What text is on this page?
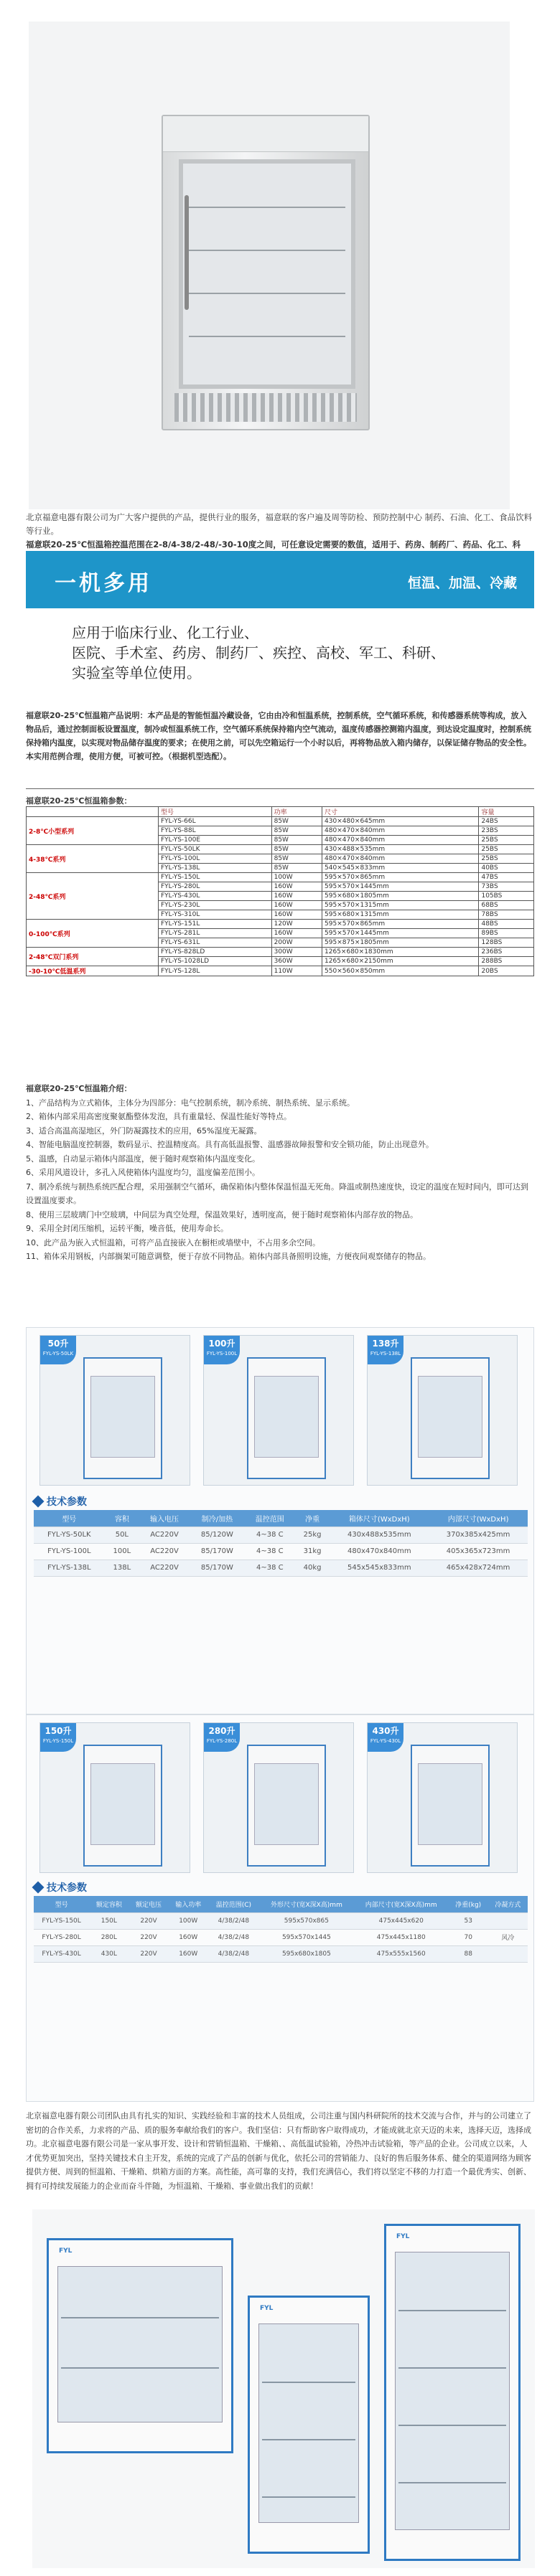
北京福意电器有限公司为广大客户提供的产品，提供行业的服务，福意联的客户遍及周等防检、预防控制中心 制药、石油、化工、食品饮料等行业。
福意联20-25℃恒温箱控温范围在2-8/4-38/2-48/-30-10度之间，可任意设定需要的数值，适用于、药房、制药厂、药品、化工、科
一机多用	恒温、加温、冷藏
应用于临床行业、化工行业、
医院、手术室、药房、制药厂、疾控、高校、军工、科研、
实验室等单位使用。
福意联20-25℃恒温箱产品说明：本产品是的智能恒温冷藏设备，它由由冷和恒温系统，控制系统，空气循环系统，和传感器系统等构成，放入物品后，通过控制面板设置温度，制冷或恒温系统工作，空气循环系统保持箱内空气流动，温度传感器控测箱内温度，到达设定温度时，控制系统保持箱内温度，以实现对物品储存温度的要求；在使用之前，可以先空箱运行一个小时以后，再将物品放入箱内储存，以保证储存物品的安全性。本实用范例合理，使用方便，可被可控。（根据机型选配）。
福意联20-25℃恒温箱参数：
	型号	功率	尺寸	容量
2-8℃小型系列	FYL-YS-66L	85W	430×480×645mm	24BS
	FYL-YS-88L	85W	480×470×840mm	23BS
	FYL-YS-100E	85W	480×470×840mm	25BS
4-38℃系列	FYL-YS-50LK	85W	430×488×535mm	25BS
	FYL-YS-100L	85W	480×470×840mm	25BS
	FYL-YS-138L	85W	540×545×833mm	40BS
2-48℃系列	FYL-YS-150L	100W	595×570×865mm	47BS
	FYL-YS-280L	160W	595×570×1445mm	73BS
	FYL-YS-430L	160W	595×680×1805mm	105BS
	FYL-YS-230L	160W	595×570×1315mm	68BS
	FYL-YS-310L	160W	595×680×1315mm	78BS
0-100℃系列	FYL-YS-151L	120W	595×570×865mm	48BS
	FYL-YS-281L	160W	595×570×1445mm	89BS
	FYL-YS-631L	200W	595×875×1805mm	128BS
2-48℃双门系列	FYL-YS-828LD	300W	1265×680×1830mm	236BS
	FYL-YS-1028LD	360W	1265×680×2150mm	288BS
-30-10℃低温系列	FYL-YS-128L	110W	550×560×850mm	20BS
福意联20-25℃恒温箱介绍：
1、产品结构为立式箱体，主体分为四部分：电气控制系统，制冷系统、制热系统、显示系统。
2、箱体内部采用高密度聚氨酯整体发泡，具有重量轻、保温性能好等特点。
3、适合高温高湿地区，外门防凝露技术的应用，65%湿度无凝露。
4、智能电脑温度控制器，数码显示、控温精度高。具有高低温报警、温感器故障报警和安全锁功能，防止出现意外。
5、温感，自动显示箱体内部温度，便于随时观察箱体内温度变化。
6、采用风道设计，多孔入风使箱体内温度均匀，温度偏差范围小。
7、制冷系统与制热系统匹配合理，采用强制空气循环，确保箱体内整体保温恒温无死角。降温或制热速度快，设定的温度在短时间内，即可达到设置温度要求。
8、使用三层玻璃门中空玻璃，中间层为真空处理，保温效果好，透明度高，便于随时观察箱体内部存放的物品。
9、采用全封闭压缩机，运转平衡，噪音低，使用寿命长。
10、此产品为嵌入式恒温箱，可将产品直接嵌入在橱柜或墙壁中，不占用多余空间。
11、箱体采用钢板，内部搁架可随意调整，便于存放不同物品。箱体内部具备照明设施，方便夜间观察储存的物品。
50升
FYL-YS-50LK
100升
FYL-YS-100L
138升
FYL-YS-138L
技术参数
型号	容积	输入电压	制冷/加热	温控范围	净重	箱体尺寸(WxDxH)	内部尺寸(WxDxH)
FYL-YS-50LK	50L	AC220V	85/120W	4~38 C	25kg	430x488x535mm	370x385x425mm
FYL-YS-100L	100L	AC220V	85/170W	4~38 C	31kg	480x470x840mm	405x365x723mm
FYL-YS-138L	138L	AC220V	85/170W	4~38 C	40kg	545x545x833mm	465x428x724mm
150升
FYL-YS-150L
280升
FYL-YS-280L
430升
FYL-YS-430L
技术参数
型号	额定容积	额定电压	输入功率	温控范围(C)	外形尺寸(宽X深X高)mm	内部尺寸(宽X深X高)mm	净重(kg)	冷凝方式
FYL-YS-150L	150L	220V	100W	4/38/2/48	595x570x865	475x445x620	53	
FYL-YS-280L	280L	220V	160W	4/38/2/48	595x570x1445	475x445x1180	70	风冷
FYL-YS-430L	430L	220V	160W	4/38/2/48	595x680x1805	475x555x1560	88	
北京福意电器有限公司团队由具有扎实的知识、实践经验和丰富的技术人员组成，公司注重与国内科研院所的技术交流与合作，并与的公司建立了密切的合作关系，力求将的产品、质的服务奉献给我们的客户。我们坚信：只有帮助客户取得成功，才能成就北京天迈的未来，选择天迈，选择成功。北京福意电器有限公司是一家从事开发、设计和营销恒温箱、干燥箱、、高低温试验箱，冷热冲击试验箱，等产品的企业。公司成立以来，人才优势更加突出，坚持关键技术自主开发，系统的完成了产品的创新与优化，依托公司的营销能力、良好的售后服务体系、健全的渠道网络为顾客提供方便、周到的恒温箱、干燥箱、烘箱方面的方案。高性能，高可靠的支持，我们充满信心，我们将以坚定不移的力打造一个最优秀实、创新、拥有可持续发展能力的企业而奋斗伴随，为恒温箱、干燥箱、事业做出我们的贡献！
FYL
FYL
FYL
